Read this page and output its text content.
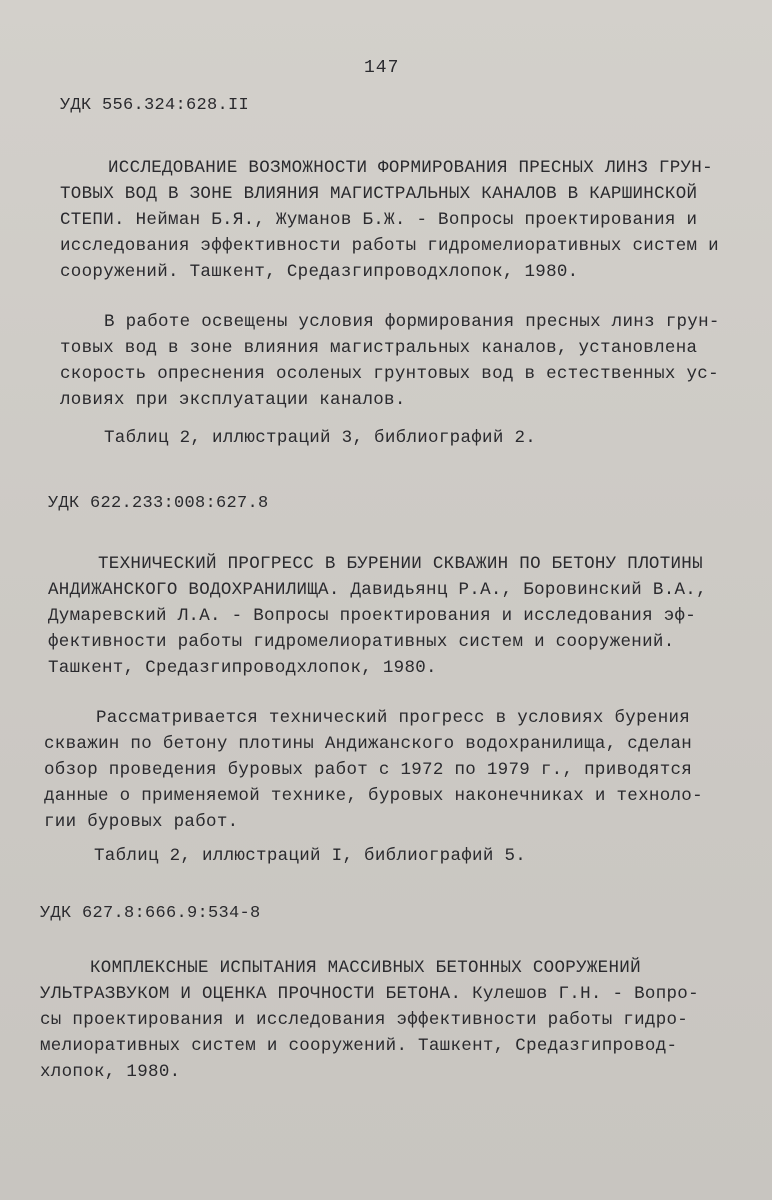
147
УДК 556.324:628.II
ИССЛЕДОВАНИЕ ВОЗМОЖНОСТИ ФОРМИРОВАНИЯ ПРЕСНЫХ ЛИНЗ ГРУН-
ТОВЫХ ВОД В ЗОНЕ ВЛИЯНИЯ МАГИСТРАЛЬНЫХ КАНАЛОВ В КАРШИНСКОЙ
СТЕПИ. Нейман Б.Я., Жуманов Б.Ж. - Вопросы проектирования и
исследования эффективности работы гидромелиоративных систем и
сооружений. Ташкент, Средазгипроводхлопок, 1980.
В работе освещены условия формирования пресных линз грун-
товых вод в зоне влияния магистральных каналов, установлена
скорость опреснения осоленых грунтовых вод в естественных ус-
ловиях при эксплуатации каналов.
Таблиц 2, иллюстраций 3, библиографий 2.
УДК 622.233:008:627.8
ТЕХНИЧЕСКИЙ ПРОГРЕСС В БУРЕНИИ СКВАЖИН ПО БЕТОНУ ПЛОТИНЫ
АНДИЖАНСКОГО ВОДОХРАНИЛИЩА. Давидьянц Р.А., Боровинский В.А.,
Думаревский Л.А. - Вопросы проектирования и исследования эф-
фективности работы гидромелиоративных систем и сооружений.
Ташкент, Средазгипроводхлопок, 1980.
Рассматривается технический прогресс в условиях бурения
скважин по бетону плотины Андижанского водохранилища, сделан
обзор проведения буровых работ с 1972 по 1979 г., приводятся
данные о применяемой технике, буровых наконечниках и техноло-
гии буровых работ.
Таблиц 2, иллюстраций I, библиографий 5.
УДК 627.8:666.9:534-8
КОМПЛЕКСНЫЕ ИСПЫТАНИЯ МАССИВНЫХ БЕТОННЫХ СООРУЖЕНИЙ
УЛЬТРАЗВУКОМ И ОЦЕНКА ПРОЧНОСТИ БЕТОНА. Кулешов Г.Н. - Вопро-
сы проектирования и исследования эффективности работы гидро-
мелиоративных систем и сооружений. Ташкент, Средазгипровод-
хлопок, 1980.
